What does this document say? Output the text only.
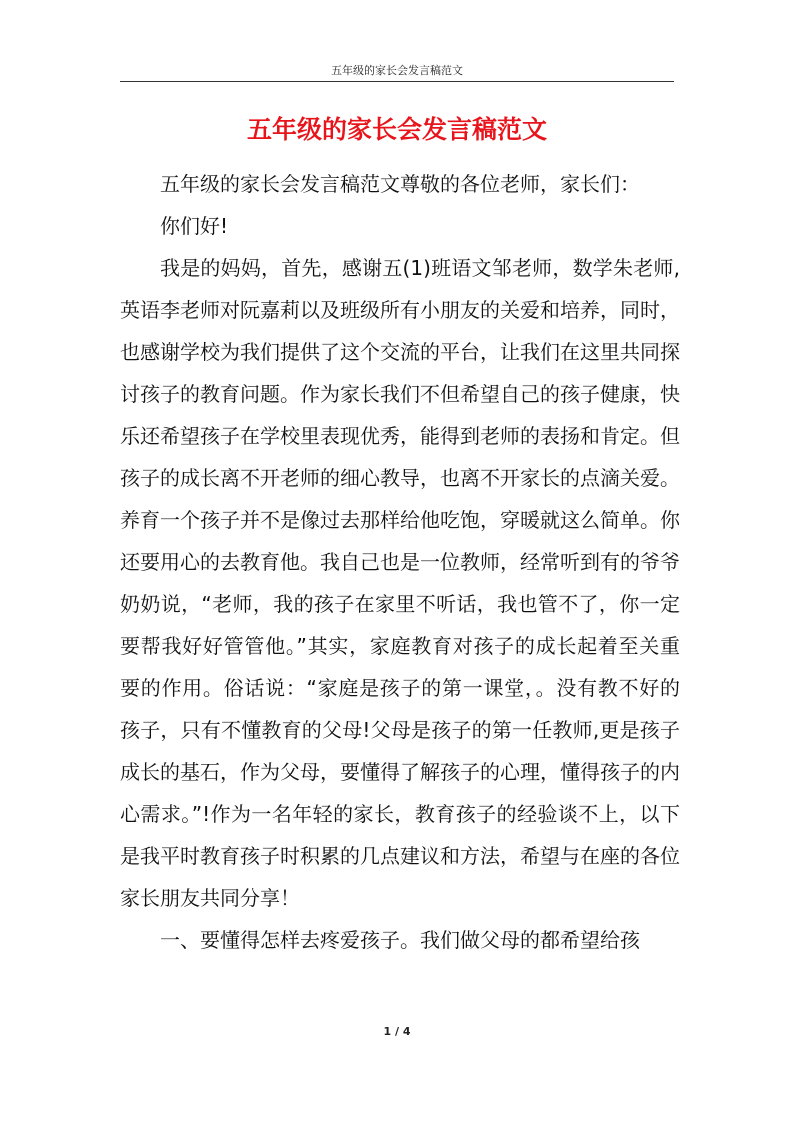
五年级的家长会发言稿范文
五年级的家长会发言稿范文

五年级的家长会发言稿范文尊敬的各位老师，家长们：

你们好!

我是的妈妈，首先，感谢五(1)班语文邹老师，数学朱老师,英语李老师对阮嘉莉以及班级所有小朋友的关爱和培养，同时，也感谢学校为我们提供了这个交流的平台，让我们在这里共同探讨孩子的教育问题。作为家长我们不但希望自己的孩子健康，快乐还希望孩子在学校里表现优秀，能得到老师的表扬和肯定。但孩子的成长离不开老师的细心教导，也离不开家长的点滴关爱。养育一个孩子并不是像过去那样给他吃饱，穿暖就这么简单。你还要用心的去教育他。我自己也是一位教师，经常听到有的爷爷奶奶说，“老师，我的孩子在家里不听话，我也管不了，你一定要帮我好好管管他。”其实，家庭教育对孩子的成长起着至关重要的作用。俗话说：“家庭是孩子的第一课堂，。没有教不好的孩子，只有不懂教育的父母!父母是孩子的第一任教师,更是孩子成长的基石，作为父母，要懂得了解孩子的心理，懂得孩子的内心需求。”!作为一名年轻的家长，教育孩子的经验谈不上，以下是我平时教育孩子时积累的几点建议和方法，希望与在座的各位家长朋友共同分享！

一、要懂得怎样去疼爱孩子。我们做父母的都希望给孩

1 / 4
